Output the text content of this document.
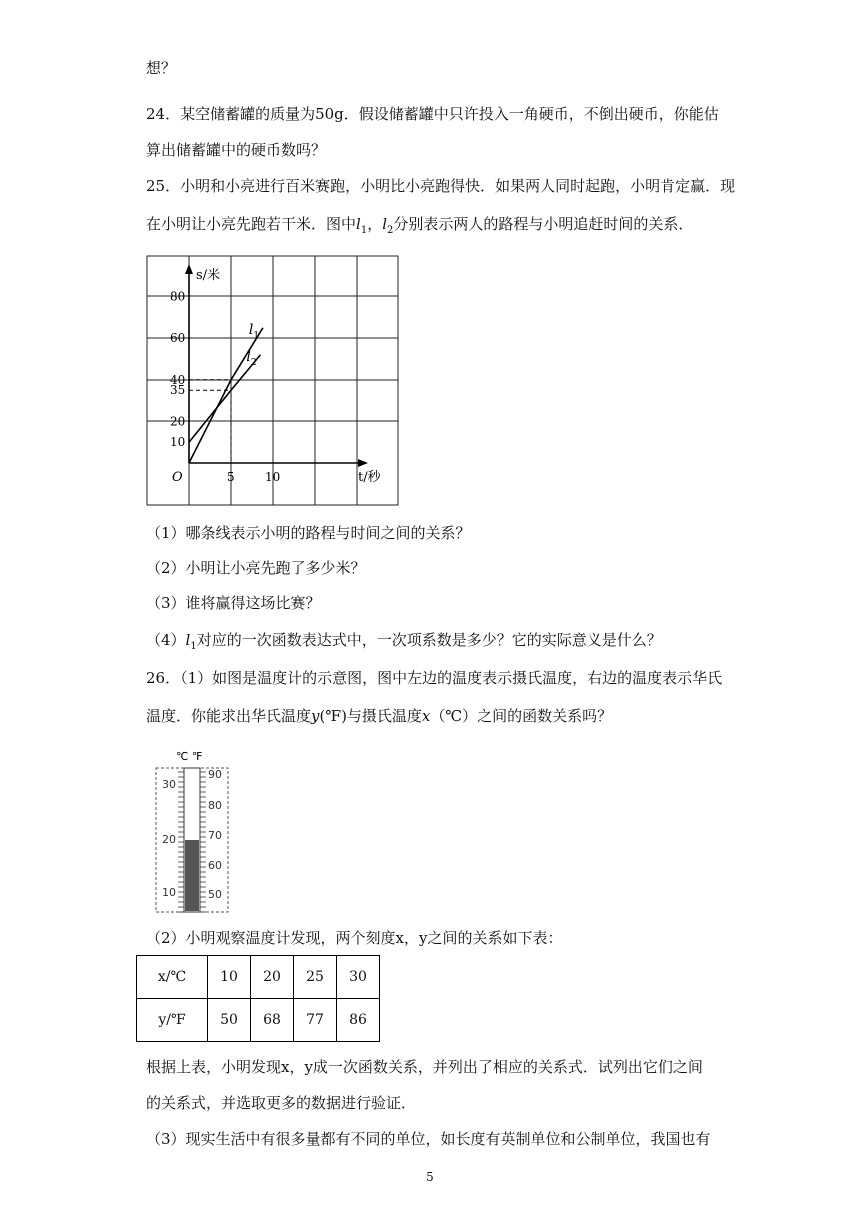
想？
24．某空储蓄罐的质量为50g．假设储蓄罐中只许投入一角硬币，不倒出硬币，你能估
算出储蓄罐中的硬币数吗？
25．小明和小亮进行百米赛跑，小明比小亮跑得快．如果两人同时起跑，小明肯定赢．现
在小明让小亮先跑若干米．图中$l_1$，$l_2$分别表示两人的路程与小明追赶时间的关系．
$l_1$
$l_2$
10
20
35
40
60
80
5	10
O
s/米
t/秒
（1）哪条线表示小明的路程与时间之间的关系？
（2）小明让小亮先跑了多少米？
（3）谁将赢得这场比赛？
$(4)l_1$对应的一次函数表达式中，一次项系数是多少？它的实际意义是什么？
26．（1）如图是温度计的示意图，图中左边的温度表示摄氏温度，右边的温度表示华氏
温度．你能求出华氏温度y(℉)与摄氏温度x（℃）之间的函数关系吗？
℃ ℉
30
20
10
90
80
70
60
50
（2）小明观察温度计发现，两个刻度x，y之间的关系如下表：
x/℃	10	20	25	30
y/℉	50	68	77	86
根据上表，小明发现x，y成一次函数关系，并列出了相应的关系式．试列出它们之间
的关系式，并选取更多的数据进行验证．
（3）现实生活中有很多量都有不同的单位，如长度有英制单位和公制单位，我国也有
5
